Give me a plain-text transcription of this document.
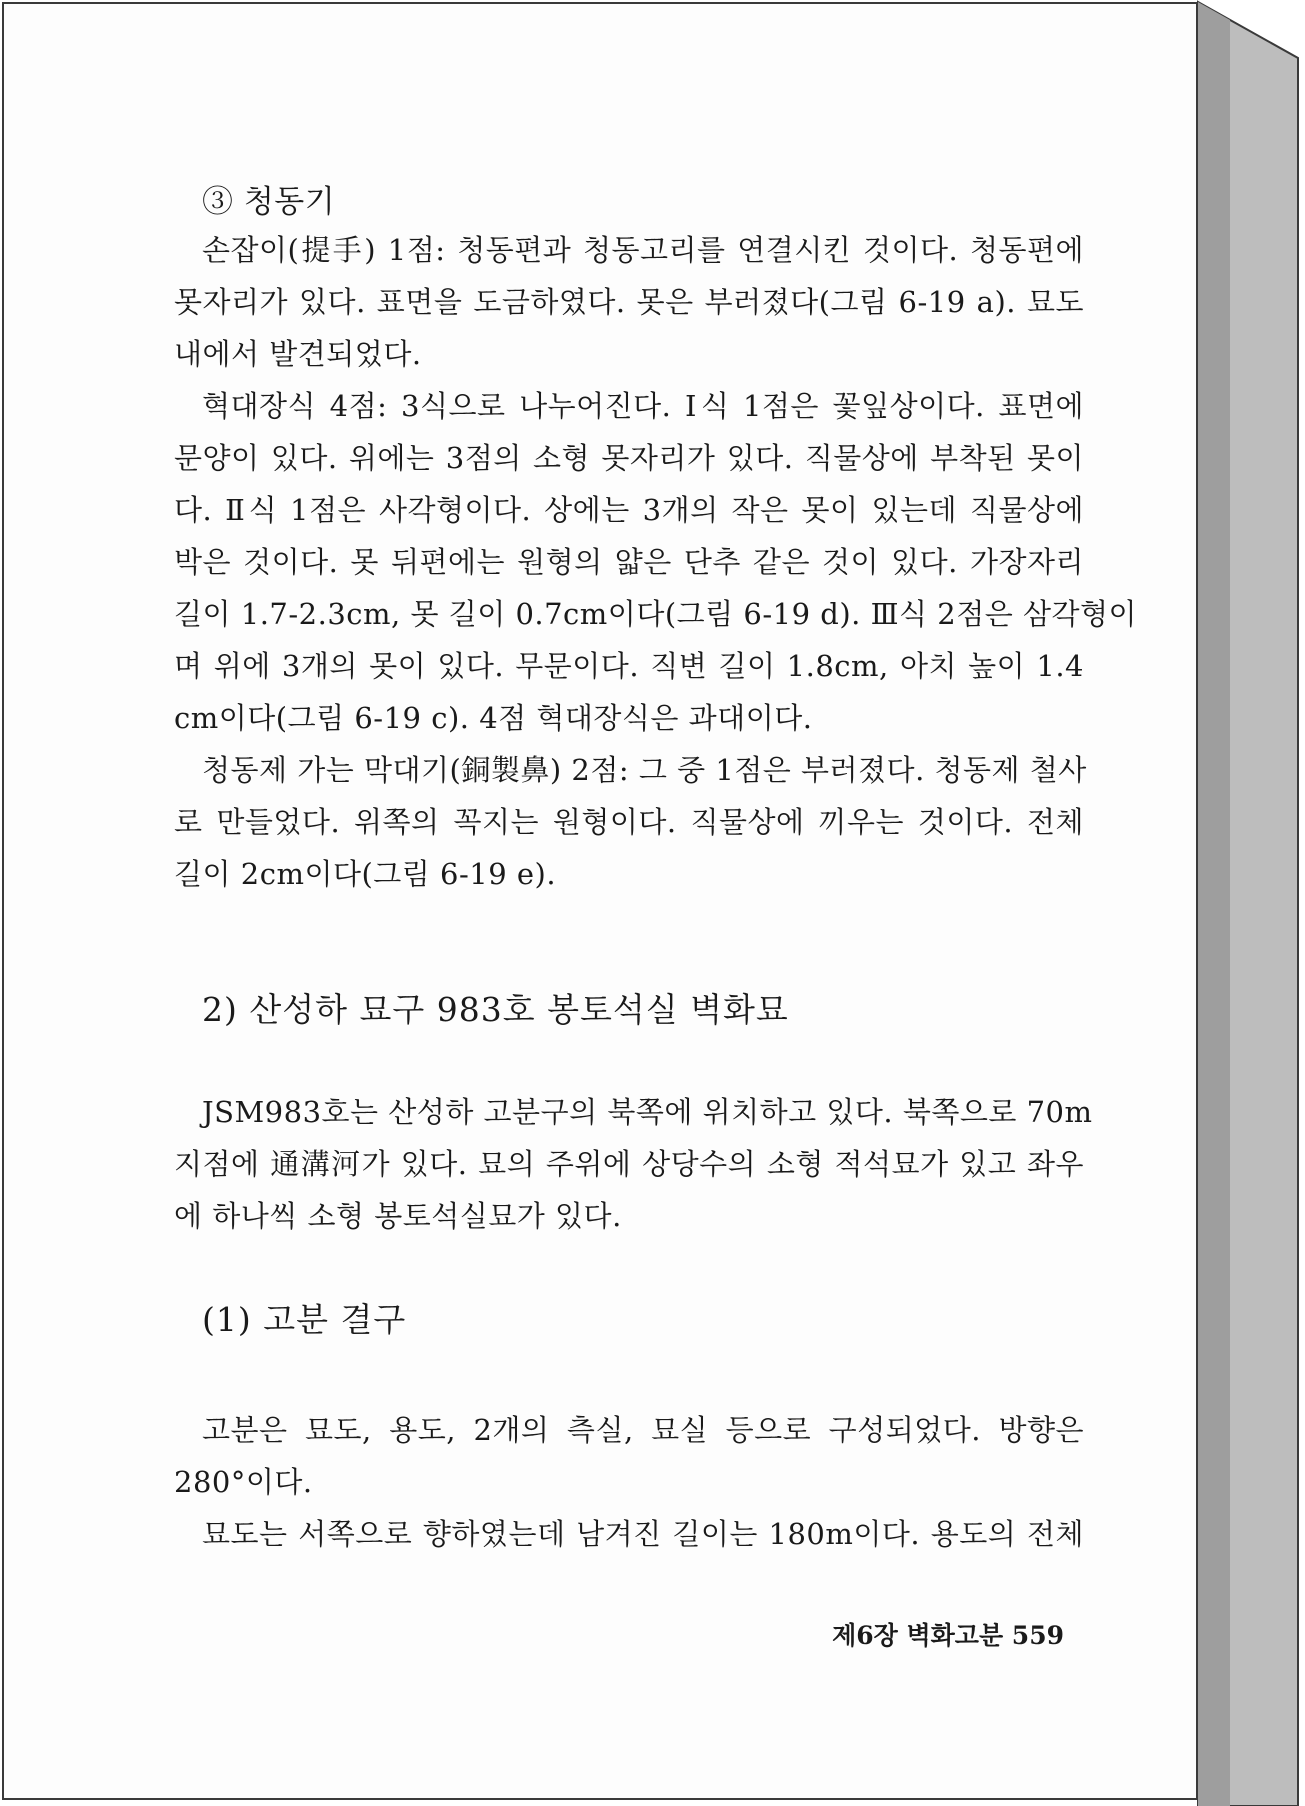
③ 청동기
손잡이(提手) 1점: 청동편과 청동고리를 연결시킨 것이다. 청동편에
못자리가 있다. 표면을 도금하였다. 못은 부러졌다(그림 6-19 a). 묘도
내에서 발견되었다.
혁대장식 4점: 3식으로 나누어진다. Ⅰ식 1점은 꽃잎상이다. 표면에
문양이 있다. 위에는 3점의 소형 못자리가 있다. 직물상에 부착된 못이
다. Ⅱ식 1점은 사각형이다. 상에는 3개의 작은 못이 있는데 직물상에
박은 것이다. 못 뒤편에는 원형의 얇은 단추 같은 것이 있다. 가장자리
길이 1.7-2.3cm, 못 길이 0.7cm이다(그림 6-19 d). Ⅲ식 2점은 삼각형이
며 위에 3개의 못이 있다. 무문이다. 직변 길이 1.8cm, 아치 높이 1.4
cm이다(그림 6-19 c). 4점 혁대장식은 과대이다.
청동제 가는 막대기(銅製鼻) 2점: 그 중 1점은 부러졌다. 청동제 철사
로 만들었다. 위쪽의 꼭지는 원형이다. 직물상에 끼우는 것이다. 전체
길이 2cm이다(그림 6-19 e).
2) 산성하 묘구 983호 봉토석실 벽화묘
JSM983호는 산성하 고분구의 북쪽에 위치하고 있다. 북쪽으로 70m
지점에 通溝河가 있다. 묘의 주위에 상당수의 소형 적석묘가 있고 좌우
에 하나씩 소형 봉토석실묘가 있다.
(1) 고분 결구
고분은 묘도, 용도, 2개의 측실, 묘실 등으로 구성되었다. 방향은
280°이다.
묘도는 서쪽으로 향하였는데 남겨진 길이는 180m이다. 용도의 전체
제6장 벽화고분 559
